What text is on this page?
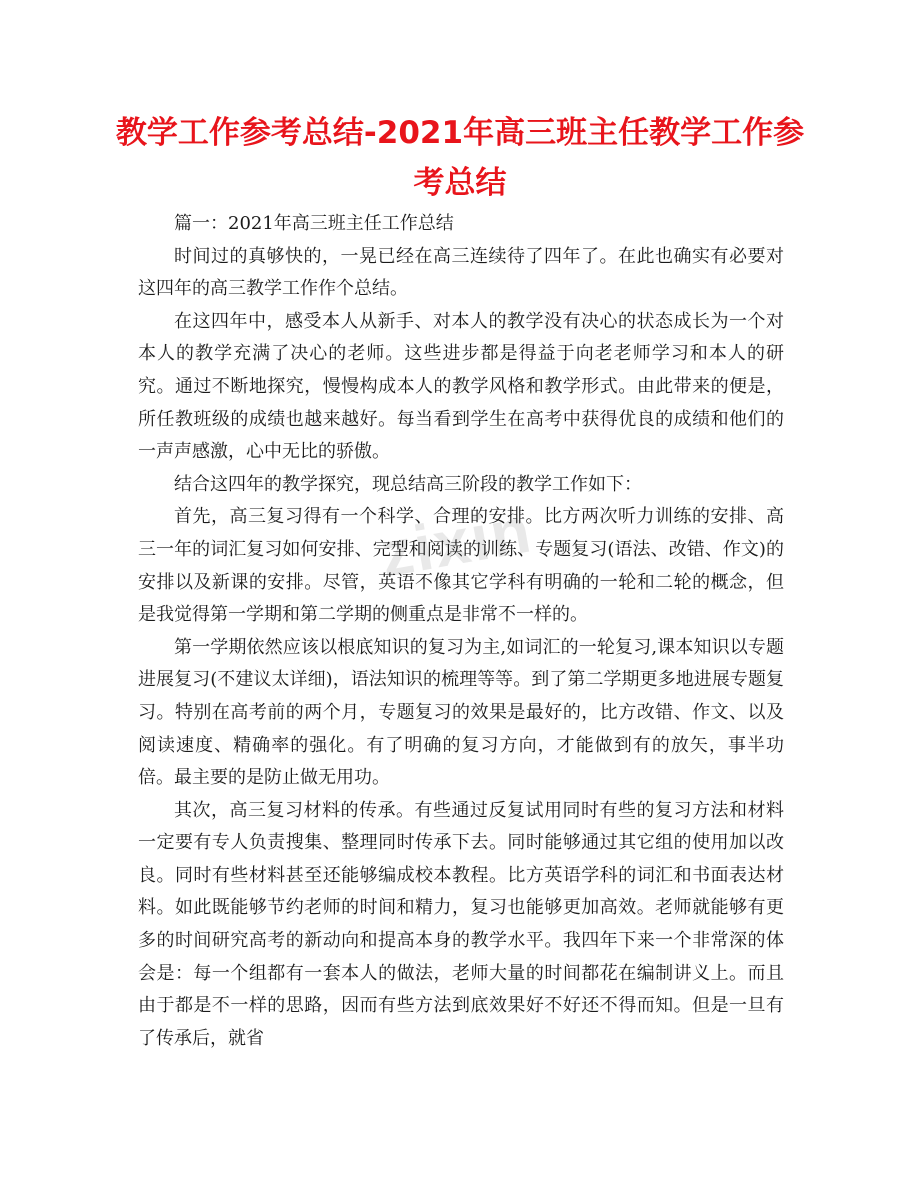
zixin
教学工作参考总结-2021年高三班主任教学工作参考总结

篇一：2021年高三班主任工作总结

时间过的真够快的，一晃已经在高三连续待了四年了。在此也确实有必要对这四年的高三教学工作作个总结。

在这四年中，感受本人从新手、对本人的教学没有决心的状态成长为一个对本人的教学充满了决心的老师。这些进步都是得益于向老老师学习和本人的研究。通过不断地探究，慢慢构成本人的教学风格和教学形式。由此带来的便是，所任教班级的成绩也越来越好。每当看到学生在高考中获得优良的成绩和他们的一声声感激，心中无比的骄傲。

结合这四年的教学探究，现总结高三阶段的教学工作如下：

首先，高三复习得有一个科学、合理的安排。比方两次听力训练的安排、高三一年的词汇复习如何安排、完型和阅读的训练、专题复习(语法、改错、作文)的安排以及新课的安排。尽管，英语不像其它学科有明确的一轮和二轮的概念，但是我觉得第一学期和第二学期的侧重点是非常不一样的。

第一学期依然应该以根底知识的复习为主,如词汇的一轮复习,课本知识以专题进展复习(不建议太详细)，语法知识的梳理等等。到了第二学期更多地进展专题复习。特别在高考前的两个月，专题复习的效果是最好的，比方改错、作文、以及阅读速度、精确率的强化。有了明确的复习方向，才能做到有的放矢，事半功倍。最主要的是防止做无用功。

其次，高三复习材料的传承。有些通过反复试用同时有些的复习方法和材料一定要有专人负责搜集、整理同时传承下去。同时能够通过其它组的使用加以改良。同时有些材料甚至还能够编成校本教程。比方英语学科的词汇和书面表达材料。如此既能够节约老师的时间和精力，复习也能够更加高效。老师就能够有更多的时间研究高考的新动向和提高本身的教学水平。我四年下来一个非常深的体会是：每一个组都有一套本人的做法，老师大量的时间都花在编制讲义上。而且由于都是不一样的思路，因而有些方法到底效果好不好还不得而知。但是一旦有了传承后，就省
